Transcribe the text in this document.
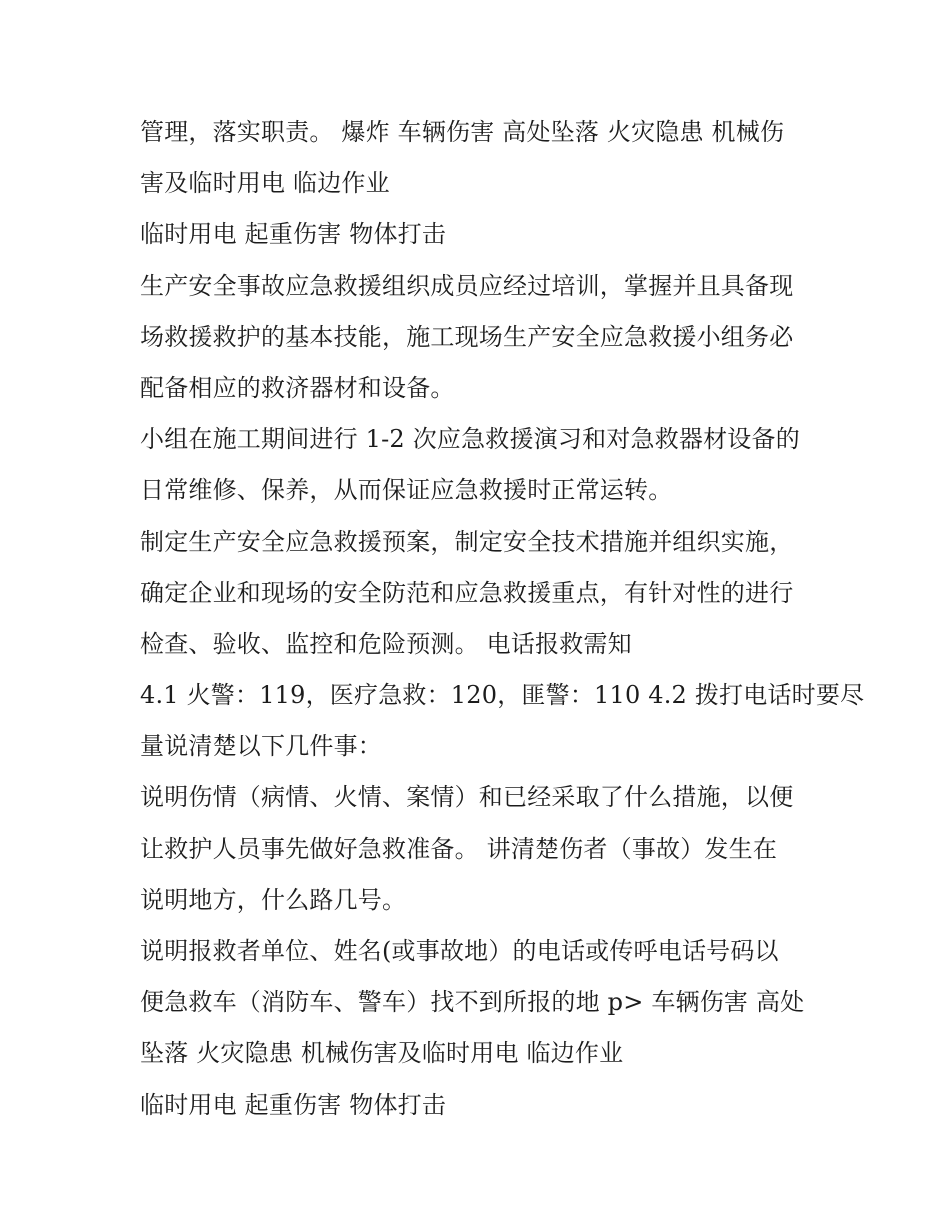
管理，落实职责。 爆炸 车辆伤害 高处坠落 火灾隐患 机械伤
害及临时用电 临边作业
临时用电 起重伤害 物体打击
生产安全事故应急救援组织成员应经过培训，掌握并且具备现
场救援救护的基本技能，施工现场生产安全应急救援小组务必
配备相应的救济器材和设备。
小组在施工期间进行 1-2 次应急救援演习和对急救器材设备的
日常维修、保养，从而保证应急救援时正常运转。
制定生产安全应急救援预案，制定安全技术措施并组织实施，
确定企业和现场的安全防范和应急救援重点，有针对性的进行
检查、验收、监控和危险预测。 电话报救需知
4.1 火警：119，医疗急救：120，匪警：110 4.2 拨打电话时要尽
量说清楚以下几件事：
说明伤情（病情、火情、案情）和已经采取了什么措施，以便
让救护人员事先做好急救准备。 讲清楚伤者（事故）发生在
说明地方，什么路几号。
说明报救者单位、姓名(或事故地）的电话或传呼电话号码以
便急救车（消防车、警车）找不到所报的地 p> 车辆伤害 高处
坠落 火灾隐患 机械伤害及临时用电 临边作业
临时用电 起重伤害 物体打击
